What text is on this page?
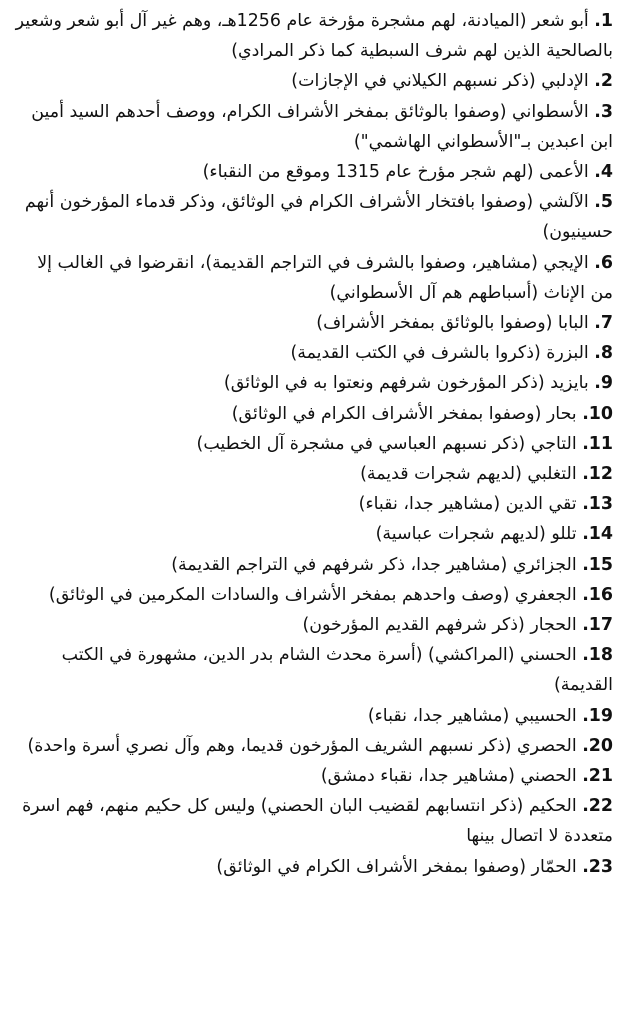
1. أبو شعر (الميادنة، لهم مشجرة مؤرخة عام 1256هـ، وهم غير آل أبو شعر وشعير بالصالحية الذين لهم شرف السبطية كما ذكر المرادي)
2. الإدلبي (ذكر نسبهم الكيلاني في الإجازات)
3. الأسطواني (وصفوا بالوثائق بمفخر الأشراف الكرام، ووصف أحدهم السيد أمين ابن اعبدين بـ"الأسطواني الهاشمي")
4. الأعمى (لهم شجر مؤرخ عام 1315 وموقع من النقباء)
5. الآلشي (وصفوا بافتخار الأشراف الكرام في الوثائق، وذكر قدماء المؤرخون أنهم حسينيون)
6. الإيجي (مشاهير، وصفوا بالشرف في التراجم القديمة)، انقرضوا في الغالب إلا من الإناث (أسباطهم هم آل الأسطواني)
7. البابا (وصفوا بالوثائق بمفخر الأشراف)
8. البزرة (ذكروا بالشرف في الكتب القديمة)
9. بايزيد (ذكر المؤرخون شرفهم ونعتوا به في الوثائق)
10. بحار (وصفوا بمفخر الأشراف الكرام في الوثائق)
11. التاجي (ذكر نسبهم العباسي في مشجرة آل الخطيب)
12. التغلبي (لديهم شجرات قديمة)
13. تقي الدين (مشاهير جدا، نقباء)
14. تللو (لديهم شجرات عباسية)
15. الجزائري (مشاهير جدا، ذكر شرفهم في التراجم القديمة)
16. الجعفري (وصف واحدهم بمفخر الأشراف والسادات المكرمين في الوثائق)
17. الحجار (ذكر شرفهم القديم المؤرخون)
18. الحسني (المراكشي) (أسرة محدث الشام بدر الدين، مشهورة في الكتب القديمة)
19. الحسيبي (مشاهير جدا، نقباء)
20. الحصري (ذكر نسبهم الشريف المؤرخون قديما، وهم وآل نصري أسرة واحدة)
21. الحصني (مشاهير جدا، نقباء دمشق)
22. الحكيم (ذكر انتسابهم لقضيب البان الحصني) وليس كل حكيم منهم، فهم اسرة متعددة لا اتصال بينها
23. الحمّار (وصفوا بمفخر الأشراف الكرام في الوثائق)
